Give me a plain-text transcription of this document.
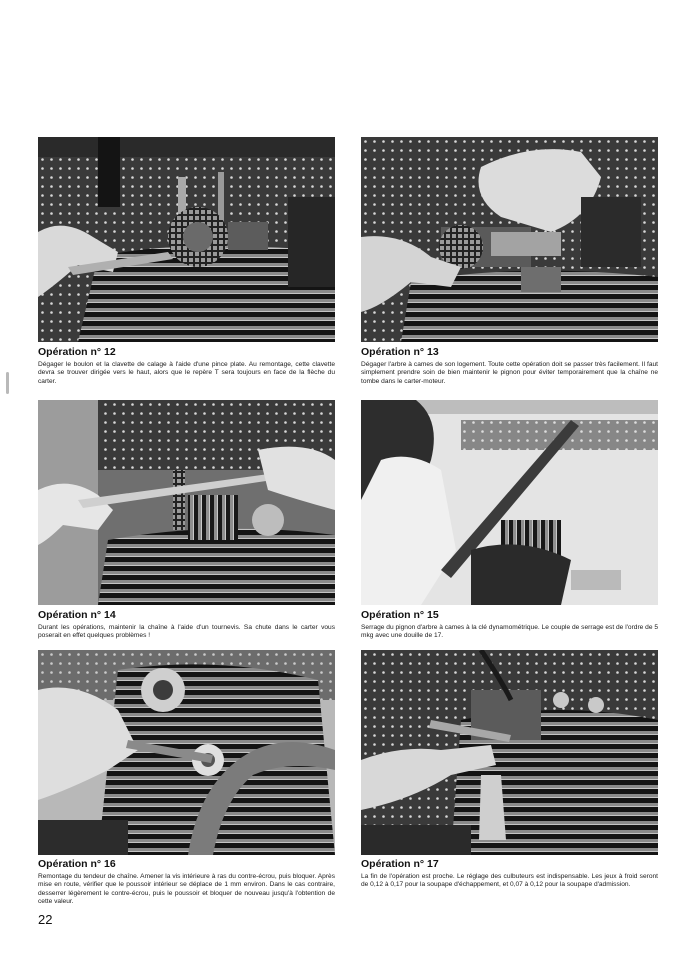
Opération n° 12

Dégager le boulon et la clavette de calage à l'aide d'une pince plate. Au remontage, cette clavette devra se trouver dirigée vers le haut, alors que le repère T sera toujours en face de la flèche du carter.

Opération n° 13

Dégager l'arbre à cames de son logement. Toute cette opération doit se passer très facilement. Il faut simplement prendre soin de bien maintenir le pignon pour éviter temporairement que la chaîne ne tombe dans le carter-moteur.

Opération n° 14

Durant les opérations, maintenir la chaîne à l'aide d'un tournevis. Sa chute dans le carter vous poserait en effet quelques problèmes !

Opération n° 15

Serrage du pignon d'arbre à cames à la clé dynamométrique. Le couple de serrage est de l'ordre de 5 mkg avec une douille de 17.

Opération n° 16

Remontage du tendeur de chaîne. Amener la vis intérieure à ras du contre-écrou, puis bloquer. Après mise en route, vérifier que le poussoir intérieur se déplace de 1 mm environ. Dans le cas contraire, desserrer légèrement le contre-écrou, puis le poussoir et bloquer de nouveau jusqu'à l'obtention de cette valeur.

Opération n° 17

La fin de l'opération est proche. Le réglage des culbuteurs est indispensable. Les jeux à froid seront de 0,12 à 0,17 pour la soupape d'échappement, et 0,07 à 0,12 pour la soupape d'admission.

22
